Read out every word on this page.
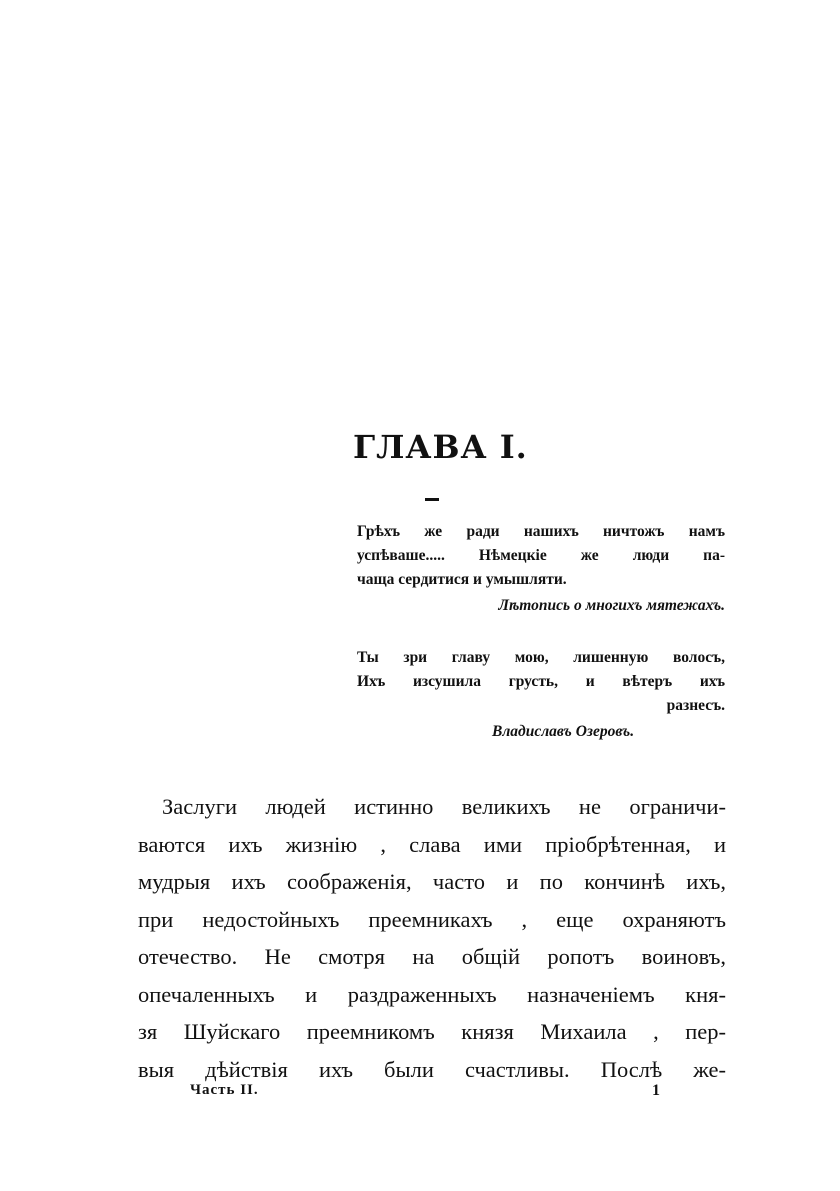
ГЛАВА I.
Грѣхъ же ради нашихъ ничтожъ намъ
успѣваше..... Нѣмецкіе же люди па-
чаща сердитися и умышляти.
Лѣтопись о многихъ мятежахъ.
Ты зри главу мою, лишенную волосъ,
Ихъ изсушила грусть, и вѣтеръ ихъ
разнесъ.
Владиславъ Озеровъ.
Заслуги людей истинно великихъ не ограничи-
ваются ихъ жизнію , слава ими пріобрѣтенная, и
мудрыя ихъ соображенія, часто и по кончинѣ ихъ,
при недостойныхъ преемникахъ , еще охраняютъ
отечество. Не смотря на общій ропотъ воиновъ,
опечаленныхъ и раздраженныхъ назначеніемъ кня-
зя Шуйскаго преемникомъ князя Михаила , пер-
выя дѣйствія ихъ были счастливы. Послѣ же-
Часть II.	1
